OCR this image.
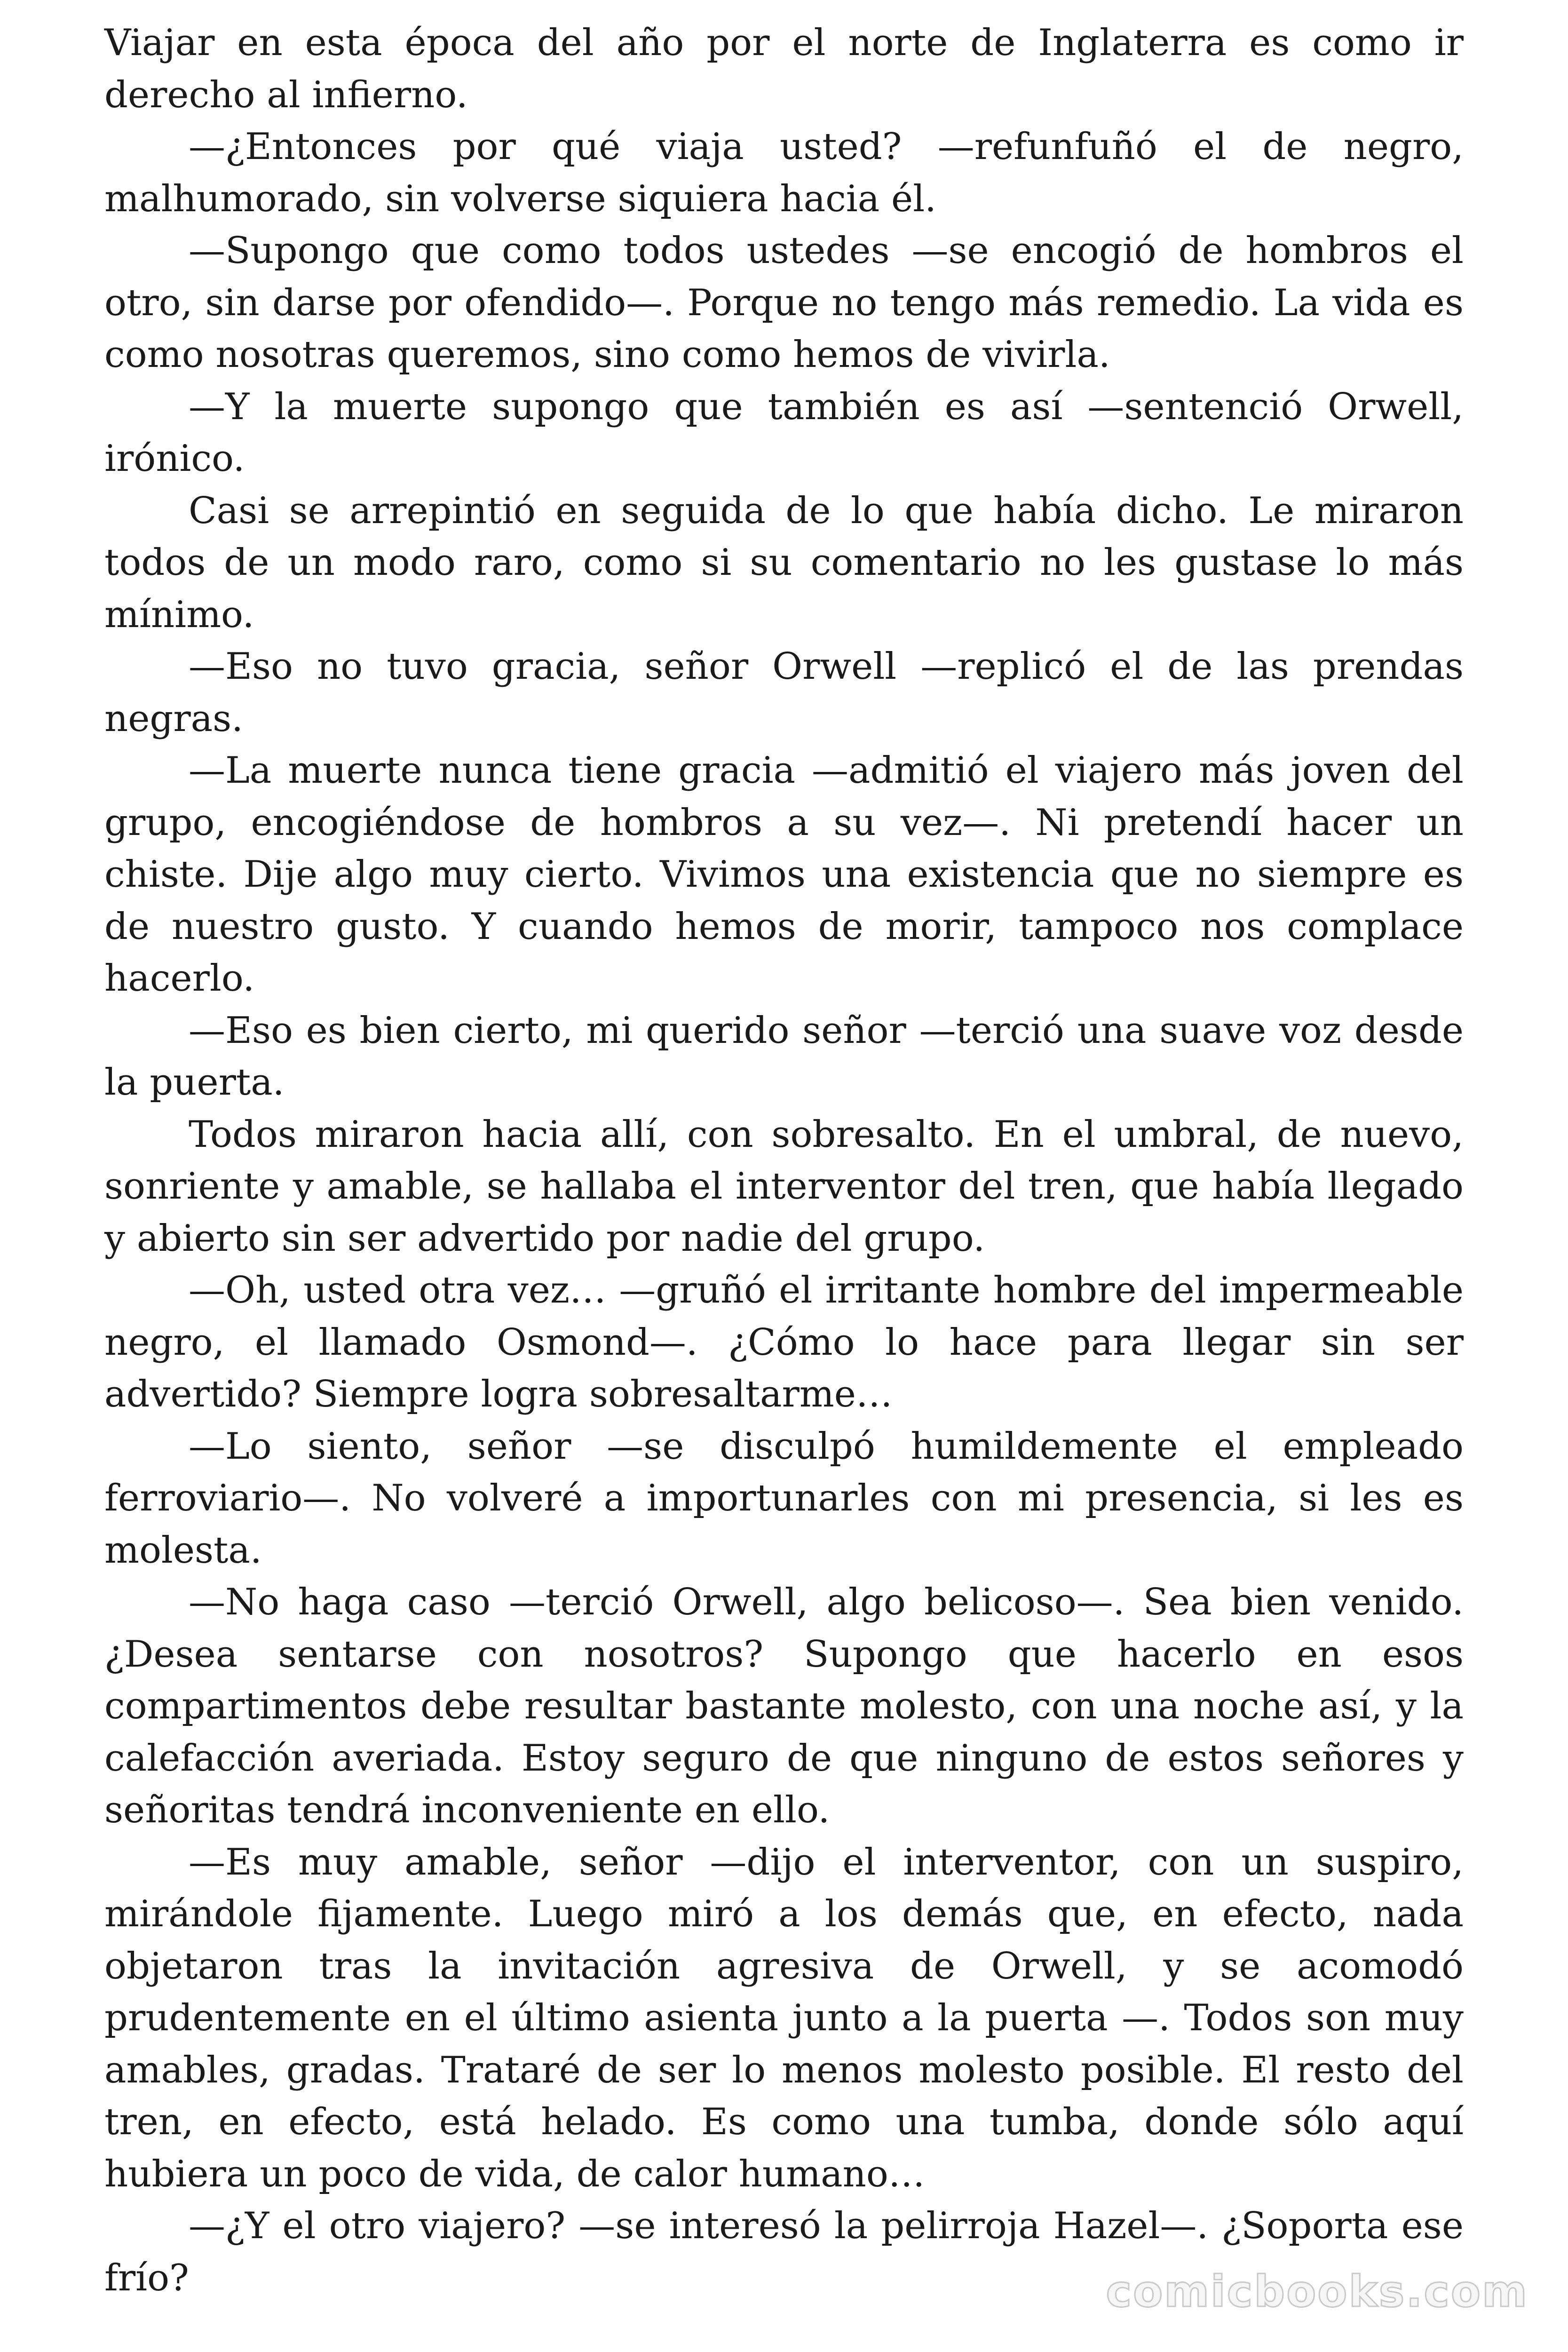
Viajar en esta época del año por el norte de Inglaterra es como ir derecho al infierno.

—¿Entonces por qué viaja usted? —refunfuñó el de negro, malhumorado, sin volverse siquiera hacia él.

—Supongo que como todos ustedes —se encogió de hombros el otro, sin darse por ofendido—. Porque no tengo más remedio. La vida es como nosotras queremos, sino como hemos de vivirla.

—Y la muerte supongo que también es así —sentenció Orwell, irónico.

Casi se arrepintió en seguida de lo que había dicho. Le miraron todos de un modo raro, como si su comentario no les gustase lo más mínimo.

—Eso no tuvo gracia, señor Orwell —replicó el de las prendas negras.

—La muerte nunca tiene gracia —admitió el viajero más joven del grupo, encogiéndose de hombros a su vez—. Ni pretendí hacer un chiste. Dije algo muy cierto. Vivimos una existencia que no siempre es de nuestro gusto. Y cuando hemos de morir, tampoco nos complace hacerlo.

—Eso es bien cierto, mi querido señor —terció una suave voz desde la puerta.

Todos miraron hacia allí, con sobresalto. En el umbral, de nuevo, sonriente y amable, se hallaba el interventor del tren, que había llegado y abierto sin ser advertido por nadie del grupo.

—Oh, usted otra vez… —gruñó el irritante hombre del impermeable negro, el llamado Osmond—. ¿Cómo lo hace para llegar sin ser advertido? Siempre logra sobresaltarme…

—Lo siento, señor —se disculpó humildemente el empleado ferroviario—. No volveré a importunarles con mi presencia, si les es molesta.

—No haga caso —terció Orwell, algo belicoso—. Sea bien venido. ¿Desea sentarse con nosotros? Supongo que hacerlo en esos compartimentos debe resultar bastante molesto, con una noche así, y la calefacción averiada. Estoy seguro de que ninguno de estos señores y señoritas tendrá inconveniente en ello.

—Es muy amable, señor —dijo el interventor, con un suspiro, mirándole fijamente. Luego miró a los demás que, en efecto, nada objetaron tras la invitación agresiva de Orwell, y se acomodó prudentemente en el último asienta junto a la puerta —. Todos son muy amables, gradas. Trataré de ser lo menos molesto posible. El resto del tren, en efecto, está helado. Es como una tumba, donde sólo aquí hubiera un poco de vida, de calor humano…

—¿Y el otro viajero? —se interesó la pelirroja Hazel—. ¿Soporta ese frío?	comicbooks.com
